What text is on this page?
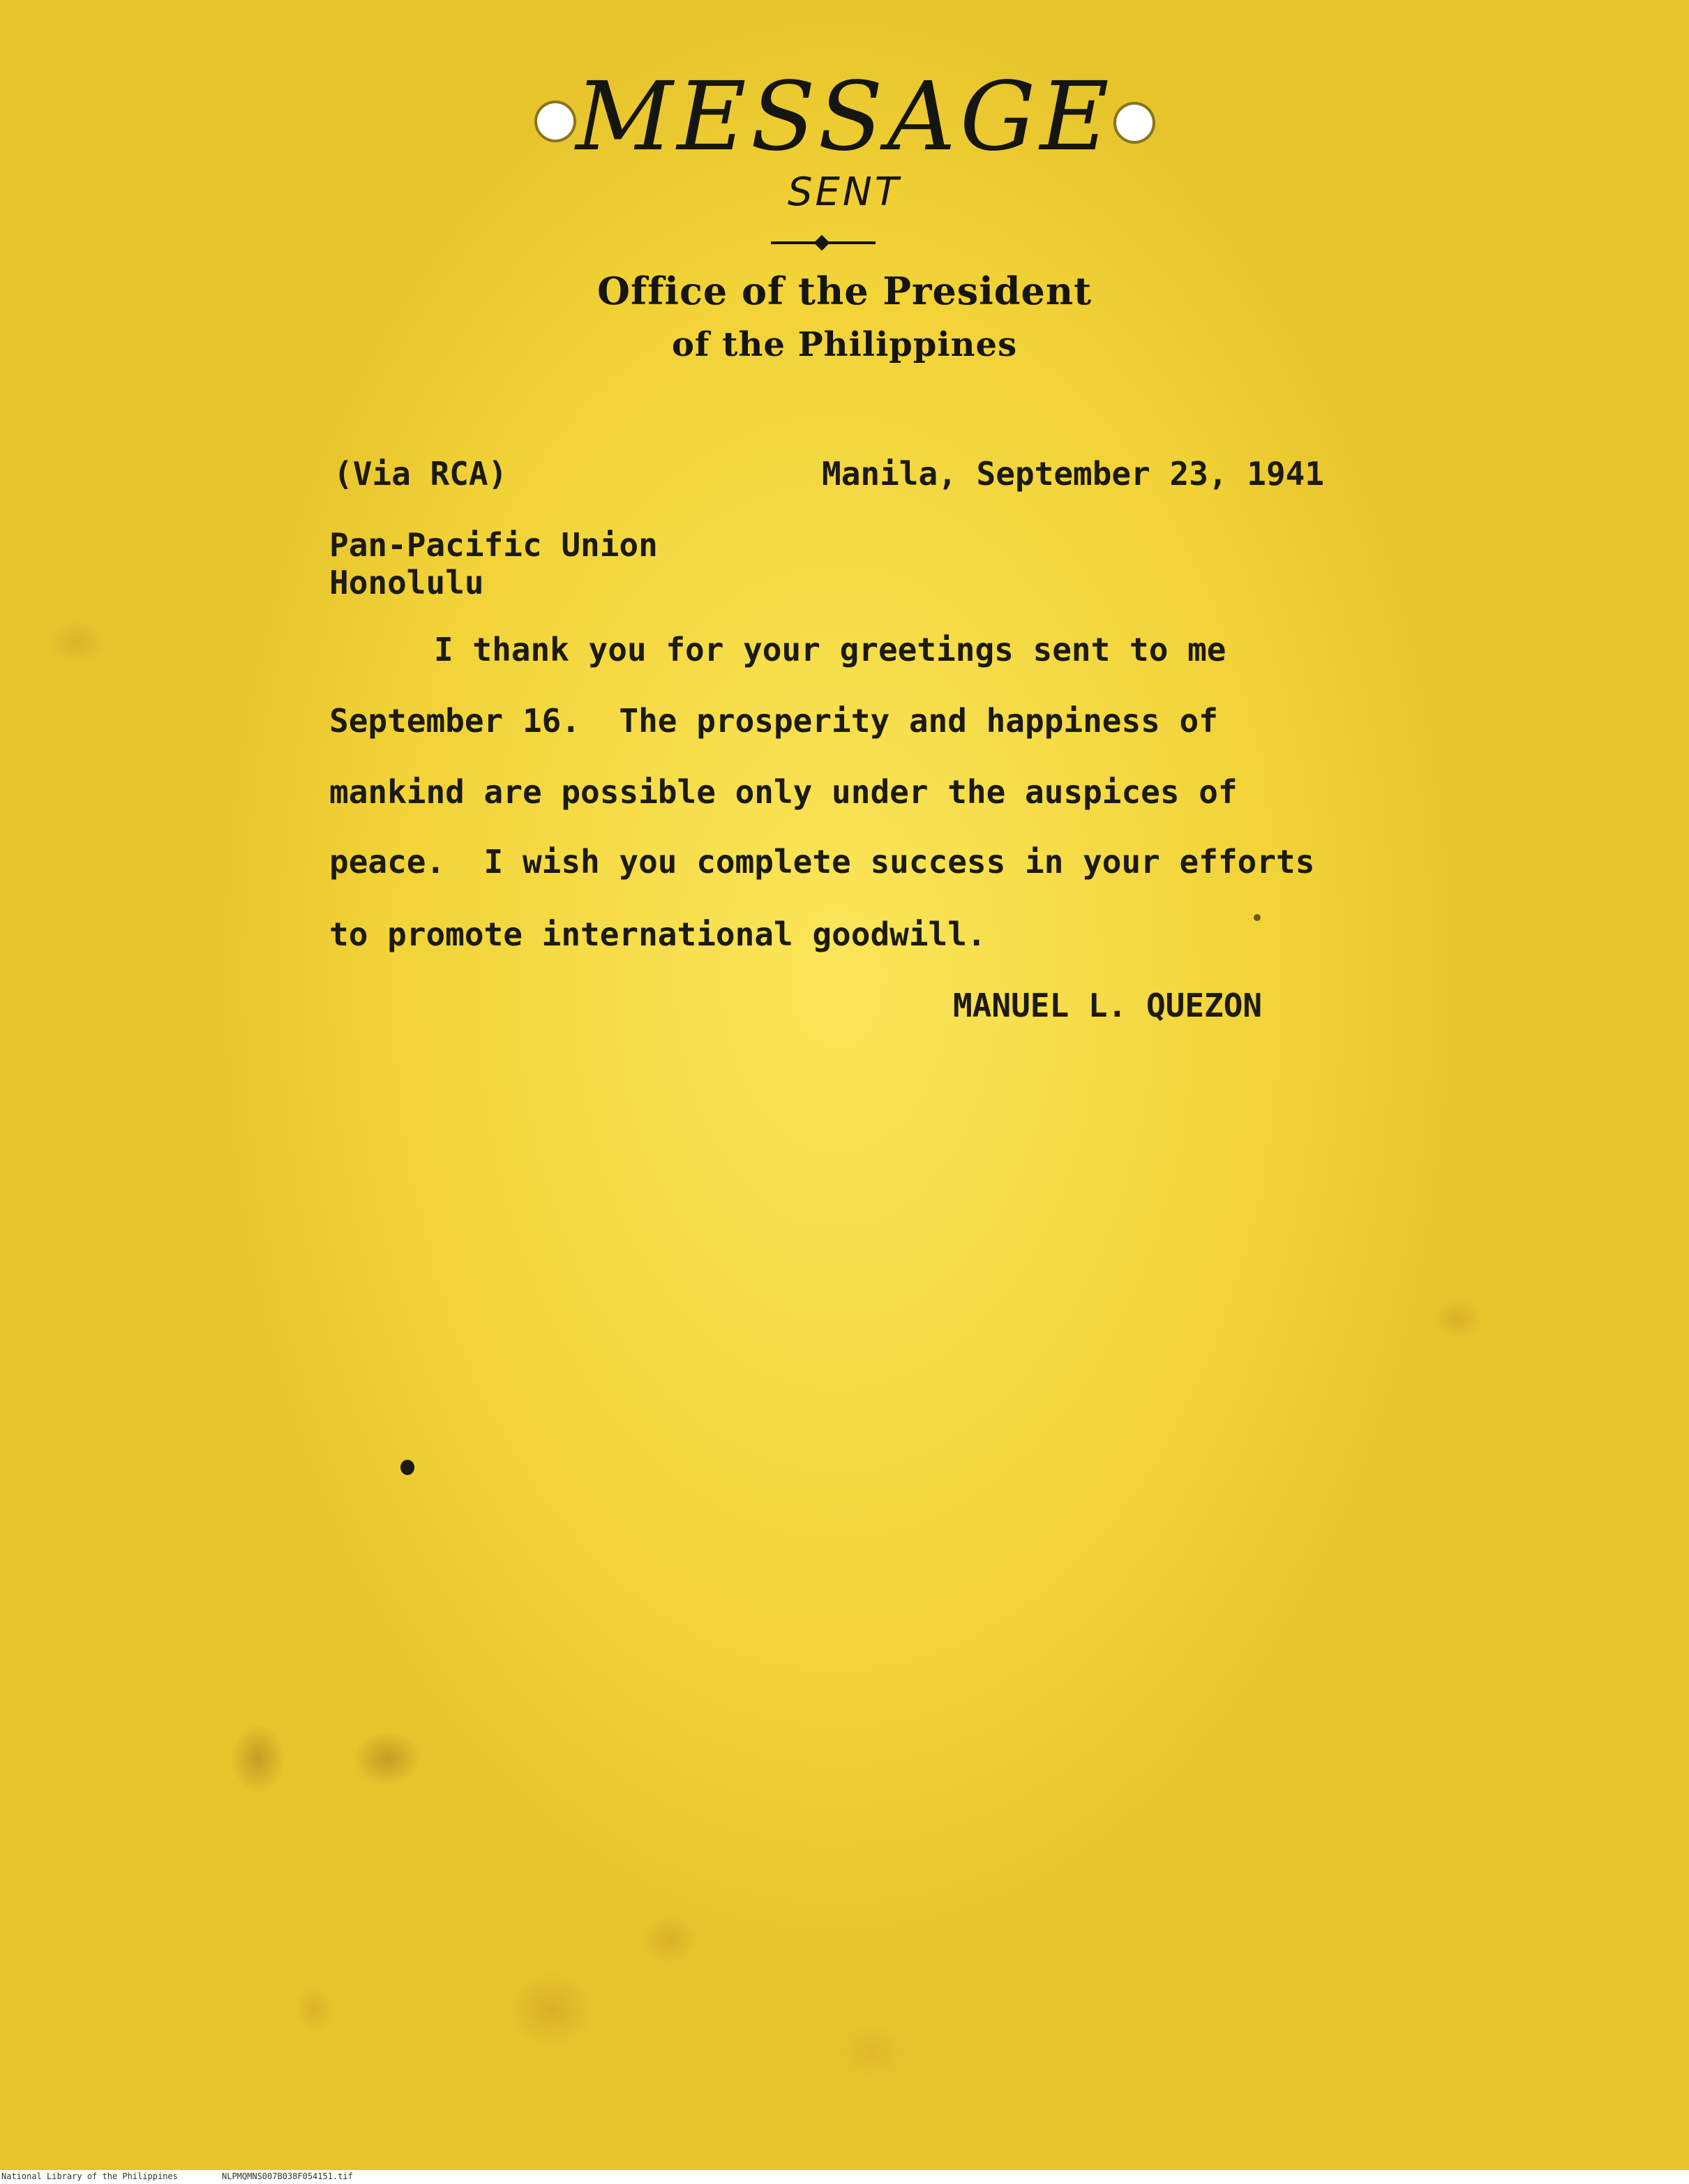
MESSAGE
SENT
Office of the President
of the Philippines
(Via RCA)	Manila, September 23, 1941
Pan-Pacific Union
Honolulu
I thank you for your greetings sent to me
September 16.  The prosperity and happiness of
mankind are possible only under the auspices of
peace.  I wish you complete success in your efforts
to promote international goodwill.
MANUEL L. QUEZON
National Library of the Philippines	NLPMQMNS007B038F054151.tif
